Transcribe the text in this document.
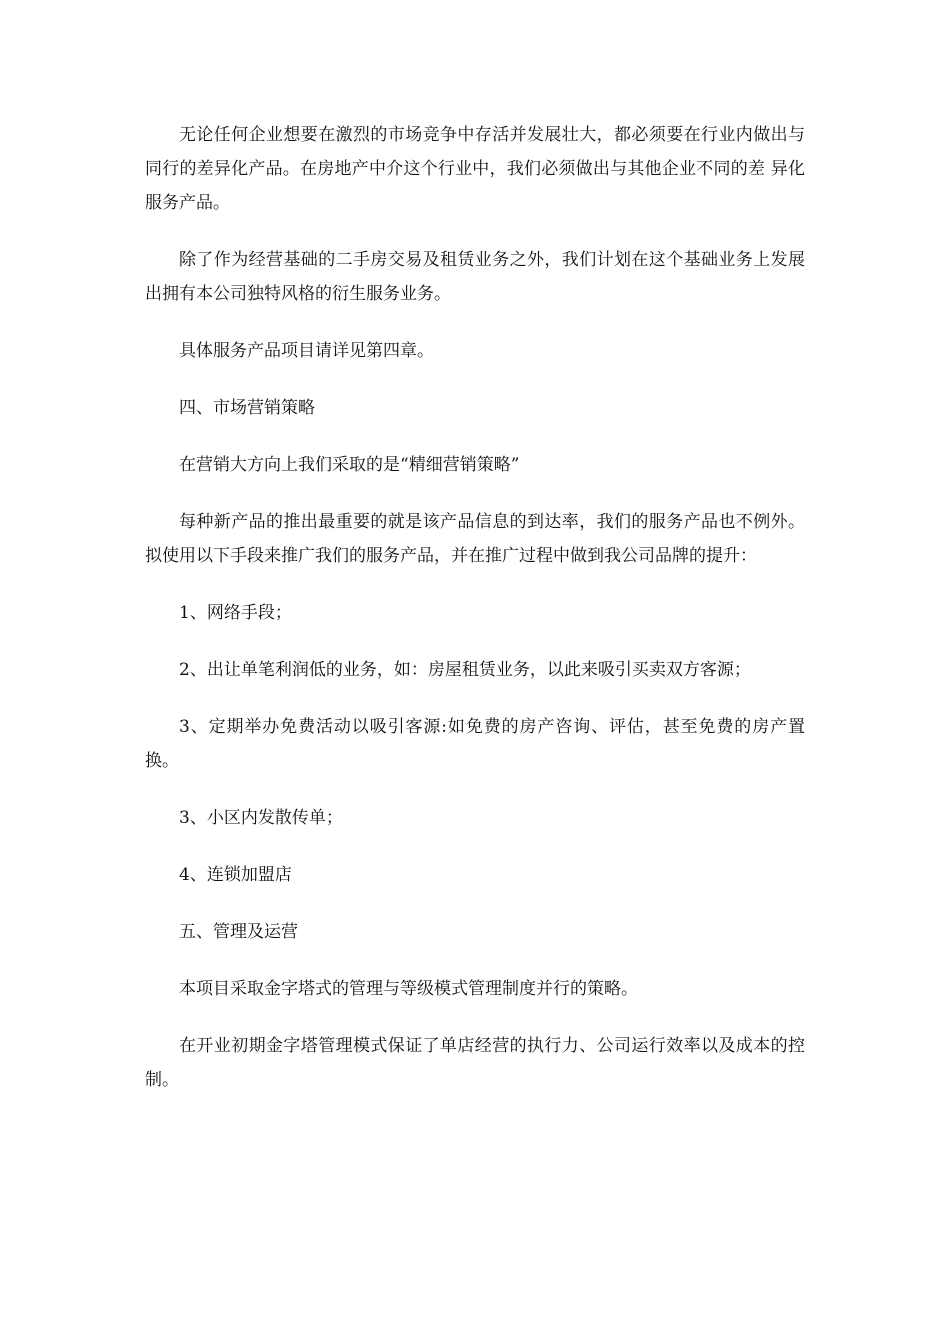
无论任何企业想要在激烈的市场竞争中存活并发展壮大，都必须要在行业内做出与同行的差异化产品。在房地产中介这个行业中，我们必须做出与其他企业不同的差 异化服务产品。

除了作为经营基础的二手房交易及租赁业务之外，我们计划在这个基础业务上发展出拥有本公司独特风格的衍生服务业务。

具体服务产品项目请详见第四章。

四、市场营销策略

在营销大方向上我们采取的是“精细营销策略”

每种新产品的推出最重要的就是该产品信息的到达率，我们的服务产品也不例外。拟使用以下手段来推广我们的服务产品，并在推广过程中做到我公司品牌的提升：

1、网络手段；

2、出让单笔利润低的业务，如：房屋租赁业务，以此来吸引买卖双方客源；

3、定期举办免费活动以吸引客源:如免费的房产咨询、评估，甚至免费的房产置换。

3、小区内发散传单；

4、连锁加盟店

五、管理及运营

本项目采取金字塔式的管理与等级模式管理制度并行的策略。

在开业初期金字塔管理模式保证了单店经营的执行力、公司运行效率以及成本的控制。
